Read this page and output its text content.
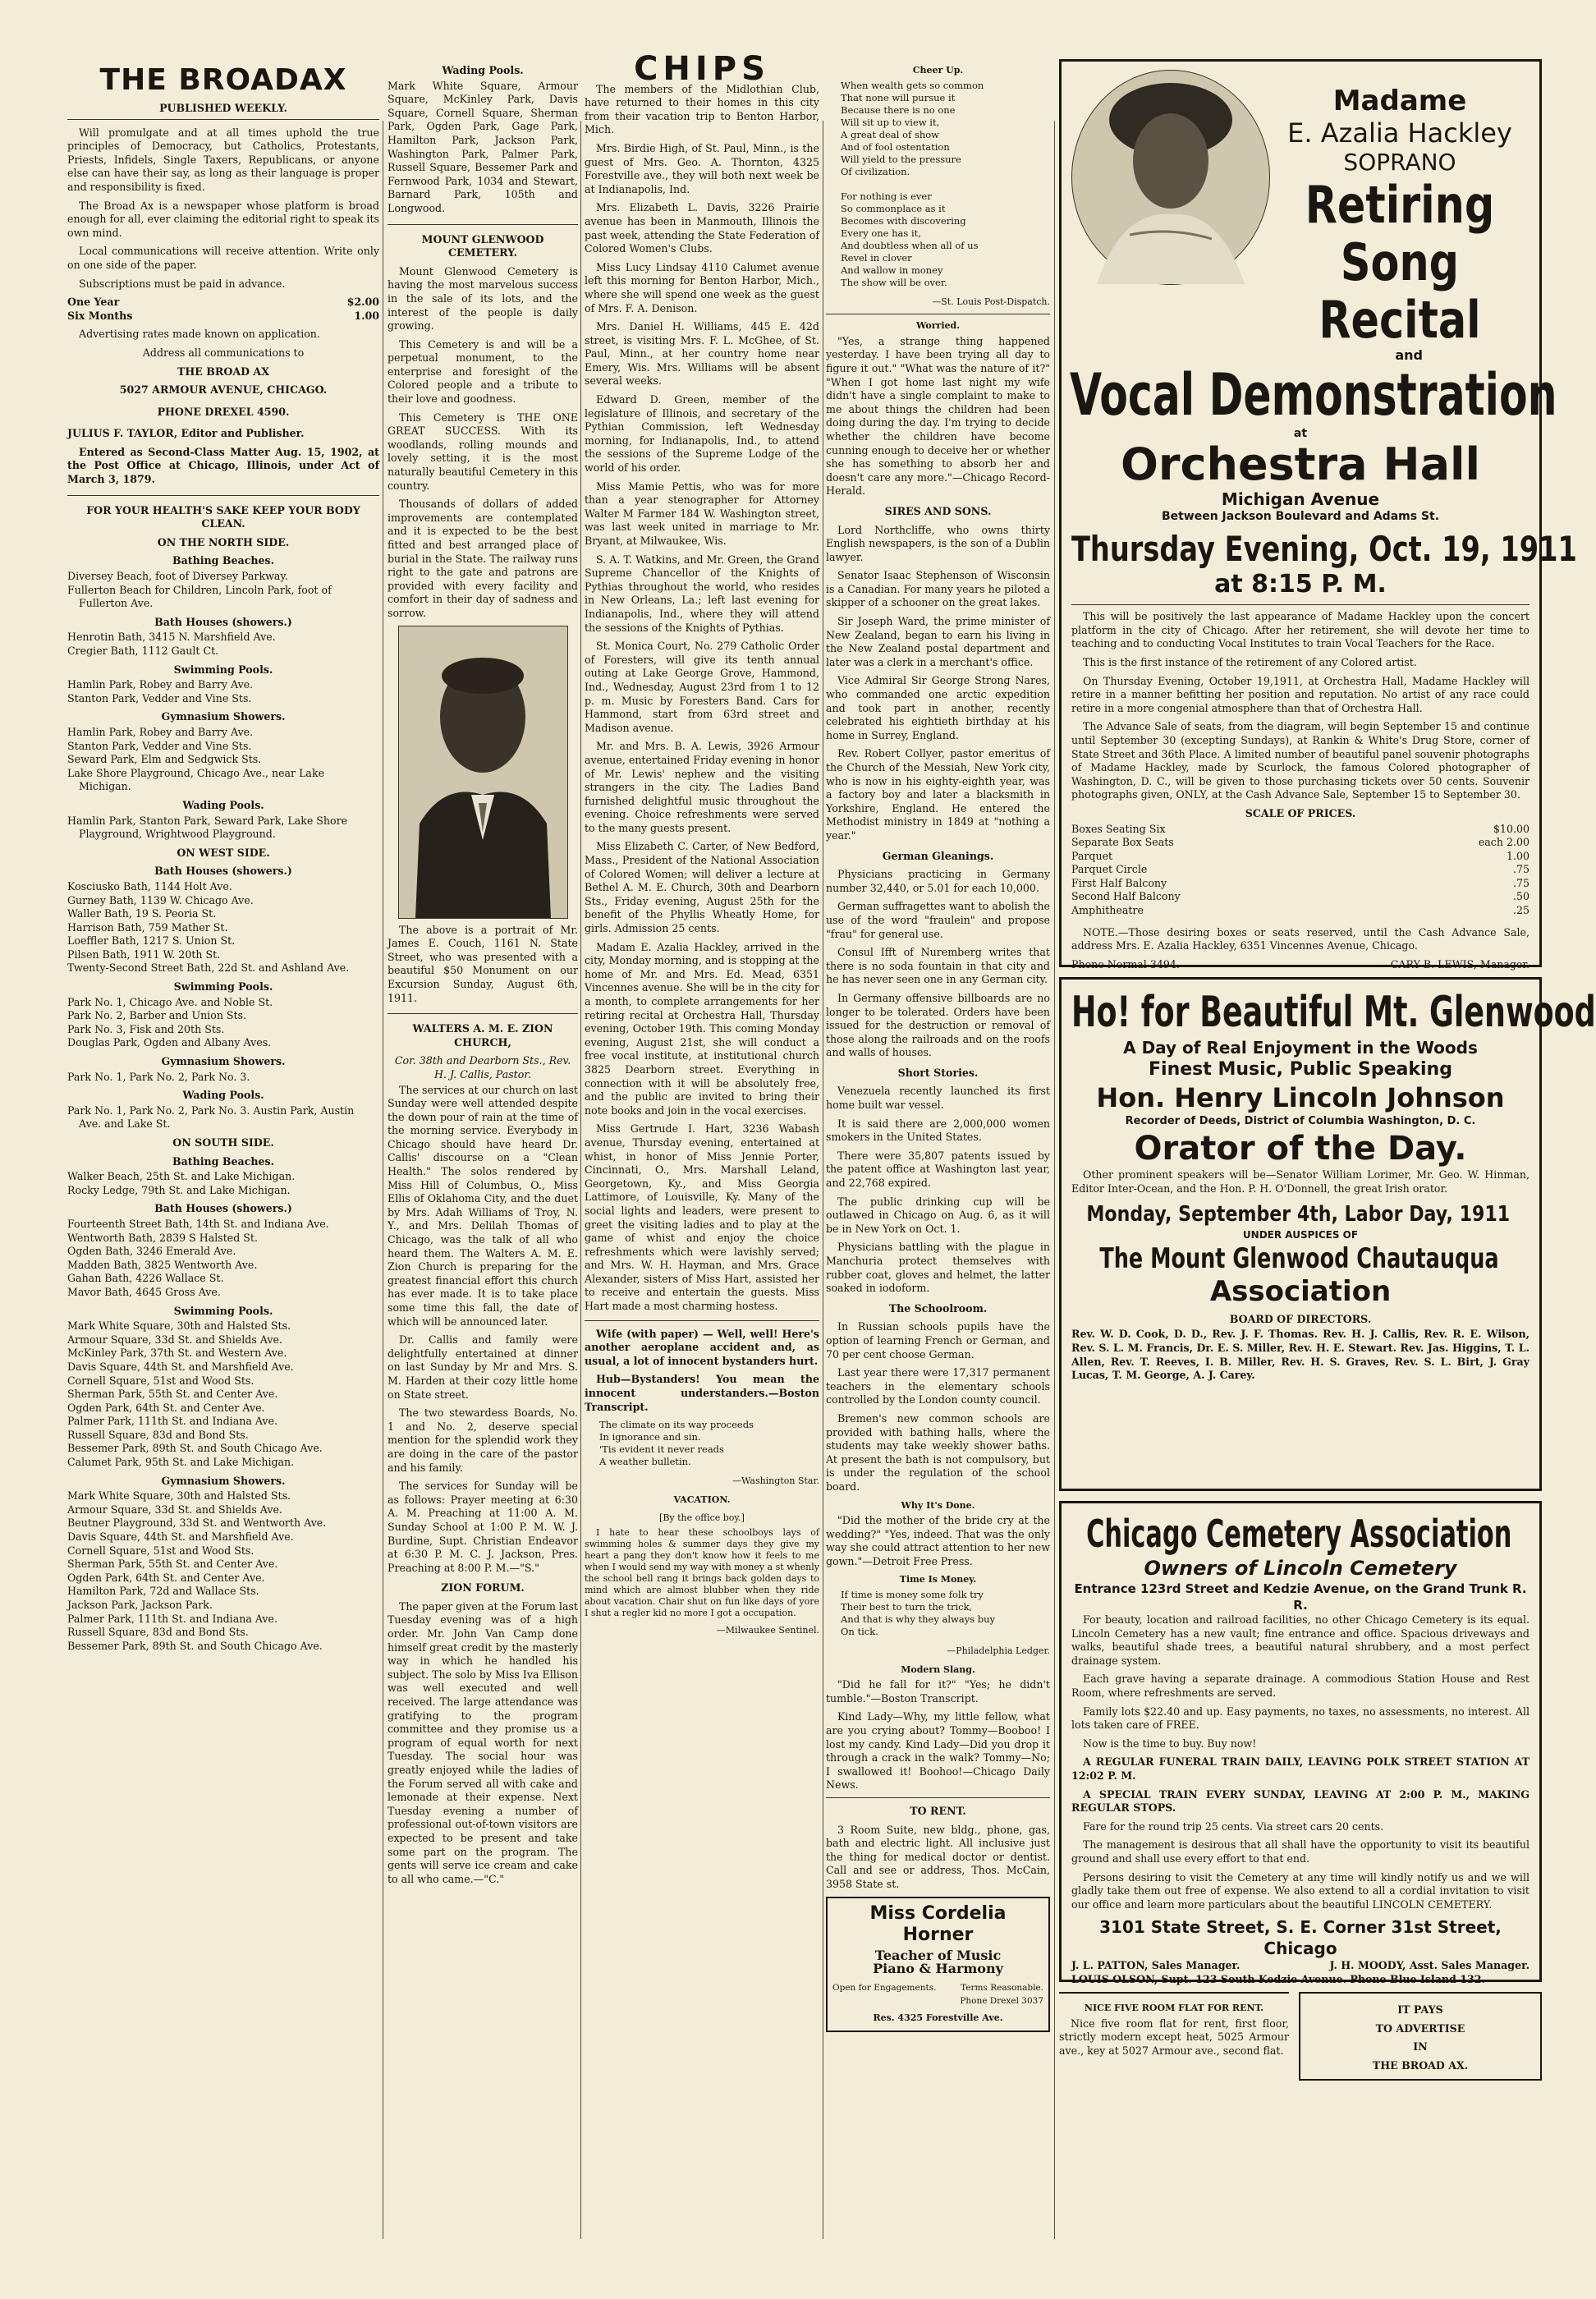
THE BROADAX
PUBLISHED WEEKLY.

Will promulgate and at all times uphold the true principles of Democracy, but Catholics, Protestants, Priests, Infidels, Single Taxers, Republicans, or anyone else can have their say, as long as their language is proper and responsibility is fixed.

The Broad Ax is a newspaper whose platform is broad enough for all, ever claiming the editorial right to speak its own mind.

Local communications will receive attention. Write only on one side of the paper.

Subscriptions must be paid in advance.

One Year	$2.00
Six Months	1.00

Advertising rates made known on application.

Address all communications to

THE BROAD AX
5027 ARMOUR AVENUE, CHICAGO.
PHONE DREXEL 4590.

JULIUS F. TAYLOR, Editor and Publisher.

Entered as Second-Class Matter Aug. 15, 1902, at the Post Office at Chicago, Illinois, under Act of March 3, 1879.

FOR YOUR HEALTH'S SAKE KEEP YOUR BODY CLEAN.
ON THE NORTH SIDE.
Bathing Beaches.

Diversey Beach, foot of Diversey Parkway.

Fullerton Beach for Children, Lincoln Park, foot of Fullerton Ave.

Bath Houses (showers.)

Henrotin Bath, 3415 N. Marshfield Ave.

Cregier Bath, 1112 Gault Ct.

Swimming Pools.

Hamlin Park, Robey and Barry Ave.

Stanton Park, Vedder and Vine Sts.

Gymnasium Showers.

Hamlin Park, Robey and Barry Ave.

Stanton Park, Vedder and Vine Sts.

Seward Park, Elm and Sedgwick Sts.

Lake Shore Playground, Chicago Ave., near Lake Michigan.

Wading Pools.

Hamlin Park, Stanton Park, Seward Park, Lake Shore Playground, Wrightwood Playground.

ON WEST SIDE.
Bath Houses (showers.)

Kosciusko Bath, 1144 Holt Ave.

Gurney Bath, 1139 W. Chicago Ave.

Waller Bath, 19 S. Peoria St.

Harrison Bath, 759 Mather St.

Loeffler Bath, 1217 S. Union St.

Pilsen Bath, 1911 W. 20th St.

Twenty-Second Street Bath, 22d St. and Ashland Ave.

Swimming Pools.

Park No. 1, Chicago Ave. and Noble St.

Park No. 2, Barber and Union Sts.

Park No. 3, Fisk and 20th Sts.

Douglas Park, Ogden and Albany Aves.

Gymnasium Showers.

Park No. 1, Park No. 2, Park No. 3.

Wading Pools.

Park No. 1, Park No. 2, Park No. 3. Austin Park, Austin Ave. and Lake St.

ON SOUTH SIDE.
Bathing Beaches.

Walker Beach, 25th St. and Lake Michigan.

Rocky Ledge, 79th St. and Lake Michigan.

Bath Houses (showers.)

Fourteenth Street Bath, 14th St. and Indiana Ave.

Wentworth Bath, 2839 S Halsted St.

Ogden Bath, 3246 Emerald Ave.

Madden Bath, 3825 Wentworth Ave.

Gahan Bath, 4226 Wallace St.

Mavor Bath, 4645 Gross Ave.

Swimming Pools.

Mark White Square, 30th and Halsted Sts.

Armour Square, 33d St. and Shields Ave.

McKinley Park, 37th St. and Western Ave.

Davis Square, 44th St. and Marshfield Ave.

Cornell Square, 51st and Wood Sts.

Sherman Park, 55th St. and Center Ave.

Ogden Park, 64th St. and Center Ave.

Palmer Park, 111th St. and Indiana Ave.

Russell Square, 83d and Bond Sts.

Bessemer Park, 89th St. and South Chicago Ave.

Calumet Park, 95th St. and Lake Michigan.

Gymnasium Showers.

Mark White Square, 30th and Halsted Sts.

Armour Square, 33d St. and Shields Ave.

Beutner Playground, 33d St. and Wentworth Ave.

Davis Square, 44th St. and Marshfield Ave.

Cornell Square, 51st and Wood Sts.

Sherman Park, 55th St. and Center Ave.

Ogden Park, 64th St. and Center Ave.

Hamilton Park, 72d and Wallace Sts.

Jackson Park, Jackson Park.

Palmer Park, 111th St. and Indiana Ave.

Russell Square, 83d and Bond Sts.

Bessemer Park, 89th St. and South Chicago Ave.

Wading Pools.

Mark White Square, Armour Square, McKinley Park, Davis Square, Cornell Square, Sherman Park, Ogden Park, Gage Park, Hamilton Park, Jackson Park, Washington Park, Palmer Park, Russell Square, Bessemer Park and Fernwood Park, 1034 and Stewart, Barnard Park, 105th and Longwood.

MOUNT GLENWOOD CEMETERY.

Mount Glenwood Cemetery is having the most marvelous success in the sale of its lots, and the interest of the people is daily growing.

This Cemetery is and will be a perpetual monument, to the enterprise and foresight of the Colored people and a tribute to their love and goodness.

This Cemetery is THE ONE GREAT SUCCESS. With its woodlands, rolling mounds and lovely setting, it is the most naturally beautiful Cemetery in this country.

Thousands of dollars of added improvements are contemplated and it is expected to be the best fitted and best arranged place of burial in the State. The railway runs right to the gate and patrons are provided with every facility and comfort in their day of sadness and sorrow.

The above is a portrait of Mr. James E. Couch, 1161 N. State Street, who was presented with a beautiful $50 Monument on our Excursion Sunday, August 6th, 1911.

WALTERS A. M. E. ZION CHURCH,
Cor. 38th and Dearborn Sts., Rev. H. J. Callis, Pastor.

The services at our church on last Sunday were well attended despite the down pour of rain at the time of the morning service. Everybody in Chicago should have heard Dr. Callis' discourse on a "Clean Health." The solos rendered by Miss Hill of Columbus, O., Miss Ellis of Oklahoma City, and the duet by Mrs. Adah Williams of Troy, N. Y., and Mrs. Delilah Thomas of Chicago, was the talk of all who heard them. The Walters A. M. E. Zion Church is preparing for the greatest financial effort this church has ever made. It is to take place some time this fall, the date of which will be announced later.

Dr. Callis and family were delightfully entertained at dinner on last Sunday by Mr and Mrs. S. M. Harden at their cozy little home on State street.

The two stewardess Boards, No. 1 and No. 2, deserve special mention for the splendid work they are doing in the care of the pastor and his family.

The services for Sunday will be as follows: Prayer meeting at 6:30 A. M. Preaching at 11:00 A. M. Sunday School at 1:00 P. M. W. J. Burdine, Supt. Christian Endeavor at 6:30 P. M. C. J. Jackson, Pres. Preaching at 8:00 P. M.—"S."

ZION FORUM.

The paper given at the Forum last Tuesday evening was of a high order. Mr. John Van Camp done himself great credit by the masterly way in which he handled his subject. The solo by Miss Iva Ellison was well executed and well received. The large attendance was gratifying to the program committee and they promise us a program of equal worth for next Tuesday. The social hour was greatly enjoyed while the ladies of the Forum served all with cake and lemonade at their expense. Next Tuesday evening a number of professional out-of-town visitors are expected to be present and take some part on the program. The gents will serve ice cream and cake to all who came.—"C."

CHIPS

The members of the Midlothian Club, have returned to their homes in this city from their vacation trip to Benton Harbor, Mich.

Mrs. Birdie High, of St. Paul, Minn., is the guest of Mrs. Geo. A. Thornton, 4325 Forestville ave., they will both next week be at Indianapolis, Ind.

Mrs. Elizabeth L. Davis, 3226 Prairie avenue has been in Manmouth, Illinois the past week, attending the State Federation of Colored Women's Clubs.

Miss Lucy Lindsay 4110 Calumet avenue left this morning for Benton Harbor, Mich., where she will spend one week as the guest of Mrs. F. A. Denison.

Mrs. Daniel H. Williams, 445 E. 42d street, is visiting Mrs. F. L. McGhee, of St. Paul, Minn., at her country home near Emery, Wis. Mrs. Williams will be absent several weeks.

Edward D. Green, member of the legislature of Illinois, and secretary of the Pythian Commission, left Wednesday morning, for Indianapolis, Ind., to attend the sessions of the Supreme Lodge of the world of his order.

Miss Mamie Pettis, who was for more than a year stenographer for Attorney Walter M Farmer 184 W. Washington street, was last week united in marriage to Mr. Bryant, at Milwaukee, Wis.

S. A. T. Watkins, and Mr. Green, the Grand Supreme Chancellor of the Knights of Pythias throughout the world, who resides in New Orleans, La.; left last evening for Indianapolis, Ind., where they will attend the sessions of the Knights of Pythias.

St. Monica Court, No. 279 Catholic Order of Foresters, will give its tenth annual outing at Lake George Grove, Hammond, Ind., Wednesday, August 23rd from 1 to 12 p. m. Music by Foresters Band. Cars for Hammond, start from 63rd street and Madison avenue.

Mr. and Mrs. B. A. Lewis, 3926 Armour avenue, entertained Friday evening in honor of Mr. Lewis' nephew and the visiting strangers in the city. The Ladies Band furnished delightful music throughout the evening. Choice refreshments were served to the many guests present.

Miss Elizabeth C. Carter, of New Bedford, Mass., President of the National Association of Colored Women; will deliver a lecture at Bethel A. M. E. Church, 30th and Dearborn Sts., Friday evening, August 25th for the benefit of the Phyllis Wheatly Home, for girls. Admission 25 cents.

Madam E. Azalia Hackley, arrived in the city, Monday morning, and is stopping at the home of Mr. and Mrs. Ed. Mead, 6351 Vincennes avenue. She will be in the city for a month, to complete arrangements for her retiring recital at Orchestra Hall, Thursday evening, October 19th. This coming Monday evening, August 21st, she will conduct a free vocal institute, at institutional church 3825 Dearborn street. Everything in connection with it will be absolutely free, and the public are invited to bring their note books and join in the vocal exercises.

Miss Gertrude I. Hart, 3236 Wabash avenue, Thursday evening, entertained at whist, in honor of Miss Jennie Porter, Cincinnati, O., Mrs. Marshall Leland, Georgetown, Ky., and Miss Georgia Lattimore, of Louisville, Ky. Many of the social lights and leaders, were present to greet the visiting ladies and to play at the game of whist and enjoy the choice refreshments which were lavishly served; and Mrs. W. H. Hayman, and Mrs. Grace Alexander, sisters of Miss Hart, assisted her to receive and entertain the guests. Miss Hart made a most charming hostess.

Wife (with paper) — Well, well! Here's another aeroplane accident and, as usual, a lot of innocent bystanders hurt.

Hub—Bystanders! You mean the innocent understanders.—Boston Transcript.

The climate on its way proceeds
In ignorance and sin.
'Tis evident it never reads
A weather bulletin.
—Washington Star.
VACATION.
[By the office boy.]

I hate to hear these schoolboys lays of swimming holes & summer days they give my heart a pang they don't know how it feels to me when I would send my way with money a st whenly the school bell rang it brings back golden days to mind which are almost blubber when they ride about vacation. Chair shut on fun like days of yore I shut a regler kid no more I got a occupation.

—Milwaukee Sentinel.
Cheer Up.
When wealth gets so common
That none will pursue it
Because there is no one
Will sit up to view it,
A great deal of show
And of fool ostentation
Will yield to the pressure
Of civilization.

For nothing is ever
So commonplace as it
Becomes with discovering
Every one has it,
And doubtless when all of us
Revel in clover
And wallow in money
The show will be over.
—St. Louis Post-Dispatch.
Worried.

"Yes, a strange thing happened yesterday. I have been trying all day to figure it out." "What was the nature of it?" "When I got home last night my wife didn't have a single complaint to make to me about things the children had been doing during the day. I'm trying to decide whether the children have become cunning enough to deceive her or whether she has something to absorb her and doesn't care any more."—Chicago Record-Herald.

SIRES AND SONS.

Lord Northcliffe, who owns thirty English newspapers, is the son of a Dublin lawyer.

Senator Isaac Stephenson of Wisconsin is a Canadian. For many years he piloted a skipper of a schooner on the great lakes.

Sir Joseph Ward, the prime minister of New Zealand, began to earn his living in the New Zealand postal department and later was a clerk in a merchant's office.

Vice Admiral Sir George Strong Nares, who commanded one arctic expedition and took part in another, recently celebrated his eightieth birthday at his home in Surrey, England.

Rev. Robert Collyer, pastor emeritus of the Church of the Messiah, New York city, who is now in his eighty-eighth year, was a factory boy and later a blacksmith in Yorkshire, England. He entered the Methodist ministry in 1849 at "nothing a year."

German Gleanings.

Physicians practicing in Germany number 32,440, or 5.01 for each 10,000.

German suffragettes want to abolish the use of the word "fraulein" and propose "frau" for general use.

Consul Ifft of Nuremberg writes that there is no soda fountain in that city and he has never seen one in any German city.

In Germany offensive billboards are no longer to be tolerated. Orders have been issued for the destruction or removal of those along the railroads and on the roofs and walls of houses.

Short Stories.

Venezuela recently launched its first home built war vessel.

It is said there are 2,000,000 women smokers in the United States.

There were 35,807 patents issued by the patent office at Washington last year, and 22,768 expired.

The public drinking cup will be outlawed in Chicago on Aug. 6, as it will be in New York on Oct. 1.

Physicians battling with the plague in Manchuria protect themselves with rubber coat, gloves and helmet, the latter soaked in iodoform.

The Schoolroom.

In Russian schools pupils have the option of learning French or German, and 70 per cent choose German.

Last year there were 17,317 permanent teachers in the elementary schools controlled by the London county council.

Bremen's new common schools are provided with bathing halls, where the students may take weekly shower baths. At present the bath is not compulsory, but is under the regulation of the school board.

Why It's Done.

"Did the mother of the bride cry at the wedding?" "Yes, indeed. That was the only way she could attract attention to her new gown."—Detroit Free Press.

Time Is Money.
If time is money some folk try
Their best to turn the trick,
And that is why they always buy
On tick.
—Philadelphia Ledger.
Modern Slang.

"Did he fall for it?" "Yes; he didn't tumble."—Boston Transcript.

Kind Lady—Why, my little fellow, what are you crying about? Tommy—Booboo! I lost my candy. Kind Lady—Did you drop it through a crack in the walk? Tommy—No; I swallowed it! Boohoo!—Chicago Daily News.

TO RENT.

3 Room Suite, new bldg., phone, gas, bath and electric light. All inclusive just the thing for medical doctor or dentist. Call and see or address, Thos. McCain, 3958 State st.

Miss Cordelia Horner
Teacher of Music
Piano & Harmony
Open for Engagements.	Terms Reasonable.
Phone Drexel 3037
Res. 4325 Forestville Ave.
Madame
E. Azalia Hackley
SOPRANO
Retiring
Song
Recital
and
Vocal Demonstration
at
Orchestra Hall
Michigan Avenue
Between Jackson Boulevard and Adams St.
Thursday Evening, Oct. 19, 1911
at 8:15 P. M.

This will be positively the last appearance of Madame Hackley upon the concert platform in the city of Chicago. After her retirement, she will devote her time to teaching and to conducting Vocal Institutes to train Vocal Teachers for the Race.

This is the first instance of the retirement of any Colored artist.

On Thursday Evening, October 19,1911, at Orchestra Hall, Madame Hackley will retire in a manner befitting her position and reputation. No artist of any race could retire in a more congenial atmosphere than that of Orchestra Hall.

The Advance Sale of seats, from the diagram, will begin September 15 and continue until September 30 (excepting Sundays), at Rankin & White's Drug Store, corner of State Street and 36th Place. A limited number of beautiful panel souvenir photographs of Madame Hackley, made by Scurlock, the famous Colored photographer of Washington, D. C., will be given to those purchasing tickets over 50 cents. Souvenir photographs given, ONLY, at the Cash Advance Sale, September 15 to September 30.

SCALE OF PRICES.
Boxes Seating Six	$10.00
Separate Box Seats	each 2.00
Parquet	1.00
Parquet Circle	.75
First Half Balcony	.75
Second Half Balcony	.50
Amphitheatre	.25

NOTE.—Those desiring boxes or seats reserved, until the Cash Advance Sale, address Mrs. E. Azalia Hackley, 6351 Vincennes Avenue, Chicago.

Phone Normal 3494.	CARY B. LEWIS, Manager.
Ho! for Beautiful Mt. Glenwood
A Day of Real Enjoyment in the Woods
Finest Music, Public Speaking
Hon. Henry Lincoln Johnson
Recorder of Deeds, District of Columbia Washington, D. C.
Orator of the Day.

Other prominent speakers will be—Senator William Lorimer, Mr. Geo. W. Hinman, Editor Inter-Ocean, and the Hon. P. H. O'Donnell, the great Irish orator.

Monday, September 4th, Labor Day, 1911
UNDER AUSPICES OF
The Mount Glenwood Chautauqua
Association
BOARD OF DIRECTORS.

Rev. W. D. Cook, D. D., Rev. J. F. Thomas. Rev. H. J. Callis, Rev. R. E. Wilson, Rev. S. L. M. Francis, Dr. E. S. Miller, Rev. H. E. Stewart. Rev. Jas. Higgins, T. L. Allen, Rev. T. Reeves, I. B. Miller, Rev. H. S. Graves, Rev. S. L. Birt, J. Gray Lucas, T. M. George, A. J. Carey.

Chicago Cemetery Association
Owners of Lincoln Cemetery
Entrance 123rd Street and Kedzie Avenue, on the Grand Trunk R. R.

For beauty, location and railroad facilities, no other Chicago Cemetery is its equal. Lincoln Cemetery has a new vault; fine entrance and office. Spacious driveways and walks, beautiful shade trees, a beautiful natural shrubbery, and a most perfect drainage system.

Each grave having a separate drainage. A commodious Station House and Rest Room, where refreshments are served.

Family lots $22.40 and up. Easy payments, no taxes, no assessments, no interest. All lots taken care of FREE.

Now is the time to buy. Buy now!

A REGULAR FUNERAL TRAIN DAILY, LEAVING POLK STREET STATION AT 12:02 P. M.

A SPECIAL TRAIN EVERY SUNDAY, LEAVING AT 2:00 P. M., MAKING REGULAR STOPS.

Fare for the round trip 25 cents. Via street cars 20 cents.

The management is desirous that all shall have the opportunity to visit its beautiful ground and shall use every effort to that end.

Persons desiring to visit the Cemetery at any time will kindly notify us and we will gladly take them out free of expense. We also extend to all a cordial invitation to visit our office and learn more particulars about the beautiful LINCOLN CEMETERY.

3101 State Street, S. E. Corner 31st Street, Chicago
J. L. PATTON, Sales Manager.	J. H. MOODY, Asst. Sales Manager.
LOUIS OLSON, Supt. 123 South Kedzie Avenue. Phone Blue Island 132.
NICE FIVE ROOM FLAT FOR RENT.

Nice five room flat for rent, first floor, strictly modern except heat, 5025 Armour ave., key at 5027 Armour ave., second flat.

IT PAYS
TO ADVERTISE
IN
THE BROAD AX.
